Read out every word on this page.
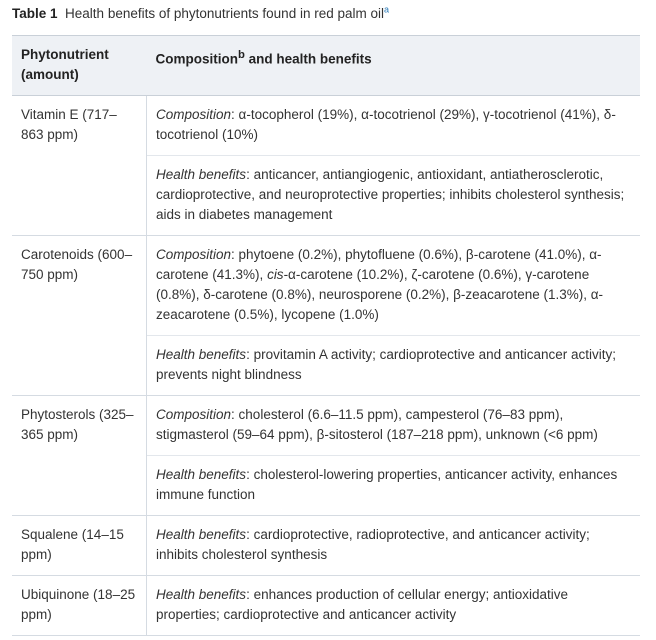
Table 1 Health benefits of phytonutrients found in red palm oil$^a$
Phytonutrient (amount)	Composition$^b$ and health benefits
Vitamin E (717–863 ppm)	Composition: α-tocopherol (19%), α-tocotrienol (29%), γ-tocotrienol (41%), δ-tocotrienol (10%)
	Health benefits: anticancer, antiangiogenic, antioxidant, antiatherosclerotic, cardioprotective, and neuroprotective properties; inhibits cholesterol synthesis; aids in diabetes management
Carotenoids (600–750 ppm)	Composition: phytoene (0.2%), phytofluene (0.6%), β-carotene (41.0%), α-carotene (41.3%), cis-α-carotene (10.2%), ζ-carotene (0.6%), γ-carotene (0.8%), δ-carotene (0.8%), neurosporene (0.2%), β-zeacarotene (1.3%), α-zeacarotene (0.5%), lycopene (1.0%)
	Health benefits: provitamin A activity; cardioprotective and anticancer activity; prevents night blindness
Phytosterols (325–365 ppm)	Composition: cholesterol (6.6–11.5 ppm), campesterol (76–83 ppm), stigmasterol (59–64 ppm), β-sitosterol (187–218 ppm), unknown (<6 ppm)
	Health benefits: cholesterol-lowering properties, anticancer activity, enhances immune function
Squalene (14–15 ppm)	Health benefits: cardioprotective, radioprotective, and anticancer activity; inhibits cholesterol synthesis
Ubiquinone (18–25 ppm)	Health benefits: enhances production of cellular energy; antioxidative properties; cardioprotective and anticancer activity
